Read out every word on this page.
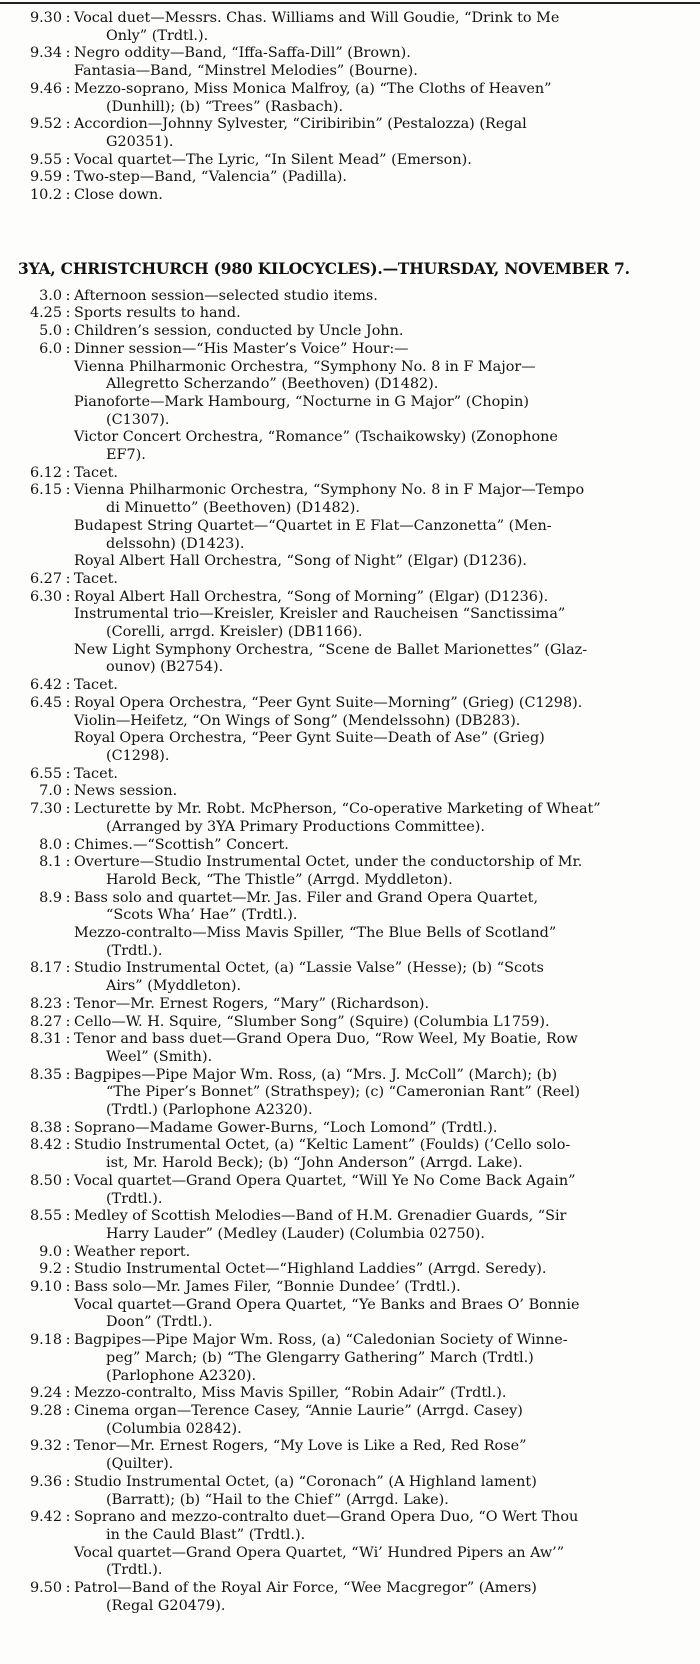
9.30 : Vocal duet—Messrs. Chas. Williams and Will Goudie, “Drink to Me
Only” (Trdtl.).
9.34 : Negro oddity—Band, “Iffa-Saffa-Dill” (Brown).
Fantasia—Band, “Minstrel Melodies” (Bourne).
9.46 : Mezzo-soprano, Miss Monica Malfroy, (a) “The Cloths of Heaven”
(Dunhill); (b) “Trees” (Rasbach).
9.52 : Accordion—Johnny Sylvester, “Ciribiribin” (Pestalozza) (Regal
G20351).
9.55 : Vocal quartet—The Lyric, “In Silent Mead” (Emerson).
9.59 : Two-step—Band, “Valencia” (Padilla).
10.2 : Close down.
3YA, CHRISTCHURCH (980 KILOCYCLES).—THURSDAY, NOVEMBER 7.
3.0 : Afternoon session—selected studio items.
4.25 : Sports results to hand.
5.0 : Children’s session, conducted by Uncle John.
6.0 : Dinner session—“His Master’s Voice” Hour:—
Vienna Philharmonic Orchestra, “Symphony No. 8 in F Major—
Allegretto Scherzando” (Beethoven) (D1482).
Pianoforte—Mark Hambourg, “Nocturne in G Major” (Chopin)
(C1307).
Victor Concert Orchestra, “Romance” (Tschaikowsky) (Zonophone
EF7).
6.12 : Tacet.
6.15 : Vienna Philharmonic Orchestra, “Symphony No. 8 in F Major—Tempo
di Minuetto” (Beethoven) (D1482).
Budapest String Quartet—“Quartet in E Flat—Canzonetta” (Men-
delssohn) (D1423).
Royal Albert Hall Orchestra, “Song of Night” (Elgar) (D1236).
6.27 : Tacet.
6.30 : Royal Albert Hall Orchestra, “Song of Morning” (Elgar) (D1236).
Instrumental trio—Kreisler, Kreisler and Raucheisen “Sanctissima”
(Corelli, arrgd. Kreisler) (DB1166).
New Light Symphony Orchestra, “Scene de Ballet Marionettes” (Glaz-
ounov) (B2754).
6.42 : Tacet.
6.45 : Royal Opera Orchestra, “Peer Gynt Suite—Morning” (Grieg) (C1298).
Violin—Heifetz, “On Wings of Song” (Mendelssohn) (DB283).
Royal Opera Orchestra, “Peer Gynt Suite—Death of Ase” (Grieg)
(C1298).
6.55 : Tacet.
7.0 : News session.
7.30 : Lecturette by Mr. Robt. McPherson, “Co-operative Marketing of Wheat”
(Arranged by 3YA Primary Productions Committee).
8.0 : Chimes.—“Scottish” Concert.
8.1 : Overture—Studio Instrumental Octet, under the conductorship of Mr.
Harold Beck, “The Thistle” (Arrgd. Myddleton).
8.9 : Bass solo and quartet—Mr. Jas. Filer and Grand Opera Quartet,
“Scots Wha’ Hae” (Trdtl.).
Mezzo-contralto—Miss Mavis Spiller, “The Blue Bells of Scotland”
(Trdtl.).
8.17 : Studio Instrumental Octet, (a) “Lassie Valse” (Hesse); (b) “Scots
Airs” (Myddleton).
8.23 : Tenor—Mr. Ernest Rogers, “Mary” (Richardson).
8.27 : Cello—W. H. Squire, “Slumber Song” (Squire) (Columbia L1759).
8.31 : Tenor and bass duet—Grand Opera Duo, “Row Weel, My Boatie, Row
Weel” (Smith).
8.35 : Bagpipes—Pipe Major Wm. Ross, (a) “Mrs. J. McColl” (March); (b)
“The Piper’s Bonnet” (Strathspey); (c) “Cameronian Rant” (Reel)
(Trdtl.) (Parlophone A2320).
8.38 : Soprano—Madame Gower-Burns, “Loch Lomond” (Trdtl.).
8.42 : Studio Instrumental Octet, (a) “Keltic Lament” (Foulds) (’Cello solo-
ist, Mr. Harold Beck); (b) “John Anderson” (Arrgd. Lake).
8.50 : Vocal quartet—Grand Opera Quartet, “Will Ye No Come Back Again”
(Trdtl.).
8.55 : Medley of Scottish Melodies—Band of H.M. Grenadier Guards, “Sir
Harry Lauder” (Medley (Lauder) (Columbia 02750).
9.0 : Weather report.
9.2 : Studio Instrumental Octet—“Highland Laddies” (Arrgd. Seredy).
9.10 : Bass solo—Mr. James Filer, “Bonnie Dundee’ (Trdtl.).
Vocal quartet—Grand Opera Quartet, “Ye Banks and Braes O’ Bonnie
Doon” (Trdtl.).
9.18 : Bagpipes—Pipe Major Wm. Ross, (a) “Caledonian Society of Winne-
peg” March; (b) “The Glengarry Gathering” March (Trdtl.)
(Parlophone A2320).
9.24 : Mezzo-contralto, Miss Mavis Spiller, “Robin Adair” (Trdtl.).
9.28 : Cinema organ—Terence Casey, “Annie Laurie” (Arrgd. Casey)
(Columbia 02842).
9.32 : Tenor—Mr. Ernest Rogers, “My Love is Like a Red, Red Rose”
(Quilter).
9.36 : Studio Instrumental Octet, (a) “Coronach” (A Highland lament)
(Barratt); (b) “Hail to the Chief” (Arrgd. Lake).
9.42 : Soprano and mezzo-contralto duet—Grand Opera Duo, “O Wert Thou
in the Cauld Blast” (Trdtl.).
Vocal quartet—Grand Opera Quartet, “Wi’ Hundred Pipers an Aw’”
(Trdtl.).
9.50 : Patrol—Band of the Royal Air Force, “Wee Macgregor” (Amers)
(Regal G20479).
